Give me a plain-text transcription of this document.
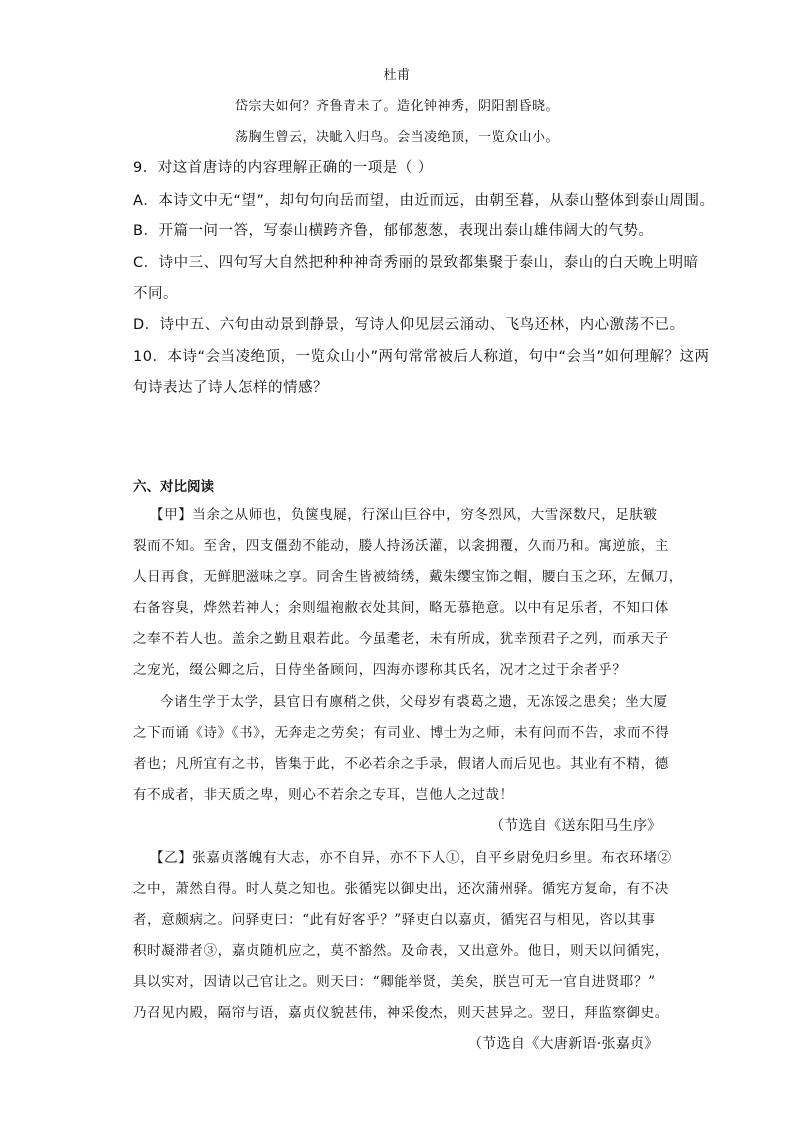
杜甫
岱宗夫如何？齐鲁青未了。造化钟神秀，阴阳割昏晓。
荡胸生曾云，决眦入归鸟。会当凌绝顶，一览众山小。
9．对这首唐诗的内容理解正确的一项是（ ）
A．本诗文中无“望”，却句句向岳而望，由近而远，由朝至暮，从泰山整体到泰山周围。
B．开篇一问一答，写泰山横跨齐鲁，郁郁葱葱，表现出泰山雄伟阔大的气势。
C．诗中三、四句写大自然把种种神奇秀丽的景致都集聚于泰山，泰山的白天晚上明暗
不同。
D．诗中五、六句由动景到静景，写诗人仰见层云涌动、飞鸟还林，内心激荡不已。
10．本诗“会当凌绝顶，一览众山小”两句常常被后人称道，句中“会当”如何理解？这两
句诗表达了诗人怎样的情感？
六、对比阅读
【甲】当余之从师也，负箧曳屣，行深山巨谷中，穷冬烈风，大雪深数尺，足肤皲
裂而不知。至舍，四支僵劲不能动，媵人持汤沃灌，以衾拥覆，久而乃和。寓逆旅，主
人日再食，无鲜肥滋味之享。同舍生皆被绮绣，戴朱缨宝饰之帽，腰白玉之环，左佩刀，
右备容臭，烨然若神人；余则缊袍敝衣处其间，略无慕艳意。以中有足乐者，不知口体
之奉不若人也。盖余之勤且艰若此。今虽耄老，未有所成，犹幸预君子之列，而承天子
之宠光，缀公卿之后，日侍坐备顾问，四海亦谬称其氏名，况才之过于余者乎？
今诸生学于太学，县官日有廪稍之供，父母岁有裘葛之遗，无冻馁之患矣；坐大厦
之下而诵《诗》《书》，无奔走之劳矣；有司业、博士为之师，未有问而不告，求而不得
者也；凡所宜有之书，皆集于此，不必若余之手录，假诸人而后见也。其业有不精，德
有不成者，非天质之卑，则心不若余之专耳，岂他人之过哉！
（节选自《送东阳马生序》
【乙】张嘉贞落魄有大志，亦不自异，亦不下人①，自平乡尉免归乡里。布衣环堵②
之中，萧然自得。时人莫之知也。张循宪以御史出，还次蒲州驿。循宪方复命，有不决
者，意颇病之。问驿吏曰：“此有好客乎？”驿吏白以嘉贞，循宪召与相见，咨以其事
积时凝滞者③，嘉贞随机应之，莫不豁然。及命表，又出意外。他日，则天以问循宪，
具以实对，因请以己官让之。则天曰：“卿能举贤，美矣，朕岂可无一官自进贤耶？”
乃召见内殿，隔帘与语，嘉贞仪貌甚伟，神采俊杰，则天甚异之。翌日，拜监察御史。
（节选自《大唐新语·张嘉贞》
